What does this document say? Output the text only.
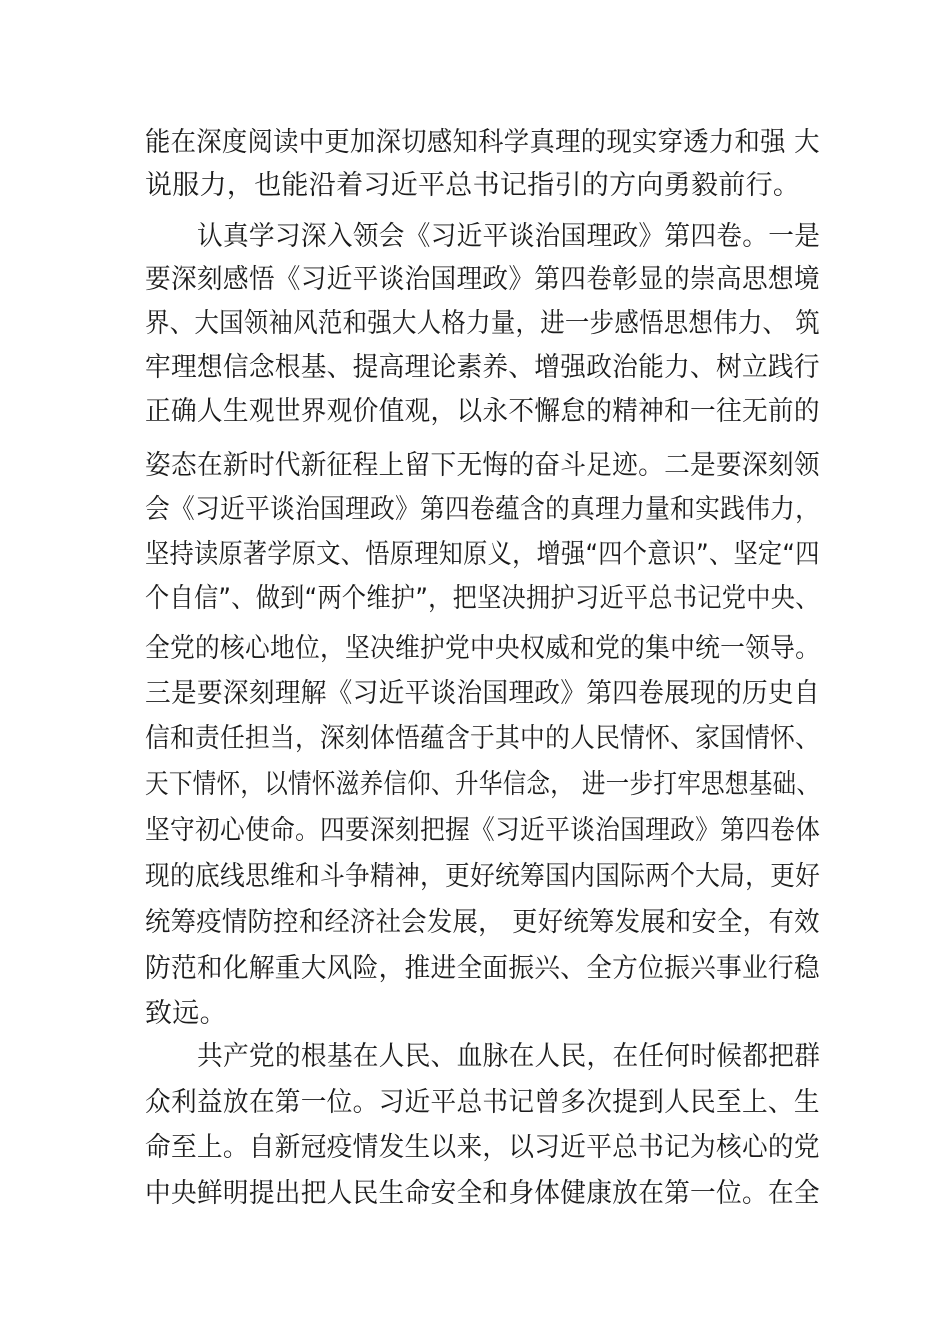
能在深度阅读中更加深切感知科学真理的现实穿透力和强 大
说服力，也能沿着习近平总书记指引的方向勇毅前行。
认真学习深入领会《习近平谈治国理政》第四卷。一是
要深刻感悟《习近平谈治国理政》第四卷彰显的崇高思想境
界、大国领袖风范和强大人格力量，进一步感悟思想伟力、 筑
牢理想信念根基、提高理论素养、增强政治能力、树立践行
正确人生观世界观价值观，以永不懈怠的精神和一往无前的
姿态在新时代新征程上留下无悔的奋斗足迹。二是要深刻领
会《习近平谈治国理政》第四卷蕴含的真理力量和实践伟力，
坚持读原著学原文、悟原理知原义，增强“四个意识”、坚定“四
个自信”、做到“两个维护”，把坚决拥护习近平总书记党中央、
全党的核心地位，坚决维护党中央权威和党的集中统一领导。
三是要深刻理解《习近平谈治国理政》第四卷展现的历史自
信和责任担当，深刻体悟蕴含于其中的人民情怀、家国情怀、
天下情怀，以情怀滋养信仰、升华信念， 进一步打牢思想基础、
坚守初心使命。四要深刻把握《习近平谈治国理政》第四卷体
现的底线思维和斗争精神，更好统筹国内国际两个大局，更好
统筹疫情防控和经济社会发展， 更好统筹发展和安全，有效
防范和化解重大风险，推进全面振兴、全方位振兴事业行稳
致远。
共产党的根基在人民、血脉在人民，在任何时候都把群
众利益放在第一位。习近平总书记曾多次提到人民至上、生
命至上。自新冠疫情发生以来，以习近平总书记为核心的党
中央鲜明提出把人民生命安全和身体健康放在第一位。在全
